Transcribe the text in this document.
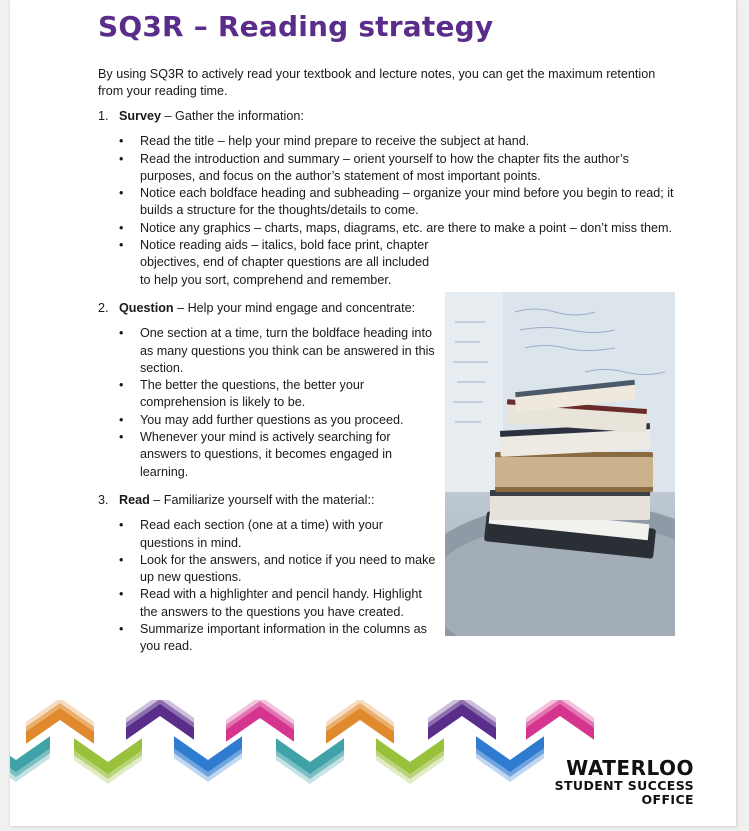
SQ3R – Reading strategy

By using SQ3R to actively read your textbook and lecture notes, you can get the maximum retention from your reading time.

1. Survey – Gather the information:
• Read the title – help your mind prepare to receive the subject at hand.
• Read the introduction and summary – orient yourself to how the chapter fits the author’s purposes, and focus on the author’s statement of most important points.
• Notice each boldface heading and subheading – organize your mind before you begin to read; it builds a structure for the thoughts/details to come.
• Notice any graphics – charts, maps, diagrams, etc. are there to make a point – don’t miss them.
• Notice reading aids – italics, bold face print, chapter objectives, end of chapter questions are all included to help you sort, comprehend and remember.
2. Question – Help your mind engage and concentrate:
• One section at a time, turn the boldface heading into as many questions you think can be answered in this section.
• The better the questions, the better your comprehension is likely to be.
• You may add further questions as you proceed.
• Whenever your mind is actively searching for answers to questions, it becomes engaged in learning.
3. Read – Familiarize yourself with the material::
• Read each section (one at a time) with your questions in mind.
• Look for the answers, and notice if you need to make up new questions.
• Read with a highlighter and pencil handy. Highlight the answers to the questions you have created.
• Summarize important information in the columns as you read.
WATERLOO
STUDENT SUCCESS
OFFICE
